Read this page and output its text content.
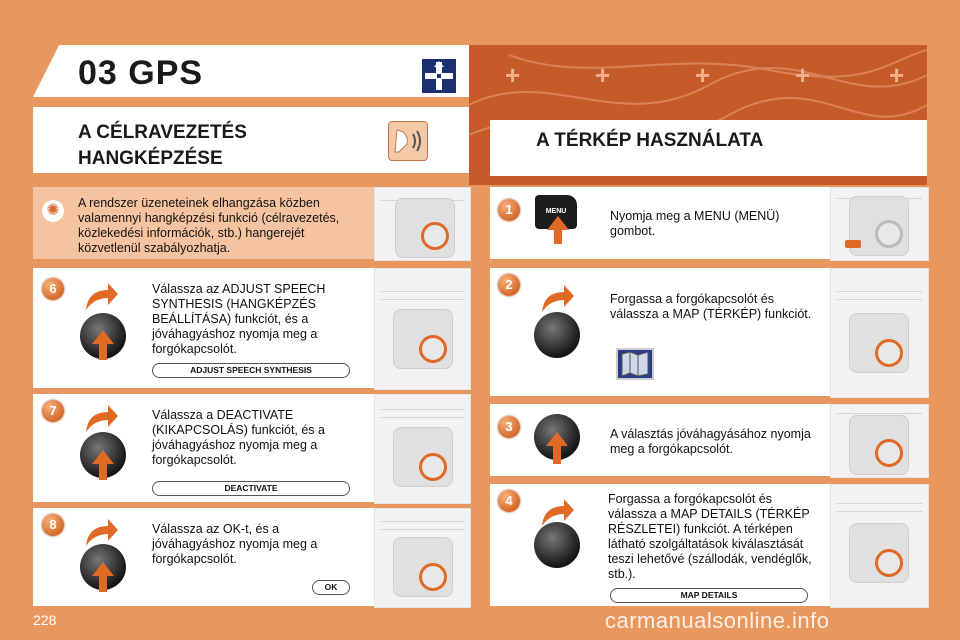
03 GPS	+	+	+	+	+
A CÉLRAVEZETÉS
HANGKÉPZÉSE
A TÉRKÉP HASZNÁLATA
✺	A rendszer üzeneteinek elhangzása közben valamennyi hangképzési funkció (célravezetés, közlekedési információk, stb.) hangerejét közvetlenül szabályozhatja.
6	Válassza az ADJUST SPEECH SYNTHESIS (HANGKÉPZÉS BEÁLLÍTÁSA) funkciót, és a jóváhagyáshoz nyomja meg a forgókapcsolót.
ADJUST SPEECH SYNTHESIS
7	Válassza a DEACTIVATE (KIKAPCSOLÁS) funkciót, és a jóváhagyáshoz nyomja meg a forgókapcsolót.
DEACTIVATE
8	Válassza az OK-t, és a jóváhagyáshoz nyomja meg a forgókapcsolót.
OK
1	MENU	Nyomja meg a MENU (MENÜ) gombot.
2
Forgassa a forgókapcsolót és válassza a MAP (TÉRKÉP) funkciót.
3	A választás jóváhagyásához nyomja meg a forgókapcsolót.
4	Forgassa a forgókapcsolót és válassza a MAP DETAILS (TÉRKÉP RÉSZLETEI) funkciót. A térképen látható szolgáltatások kiválasztását teszi lehetővé (szállodák, vendéglők, stb.).
MAP DETAILS
228	carmanualsonline.info
